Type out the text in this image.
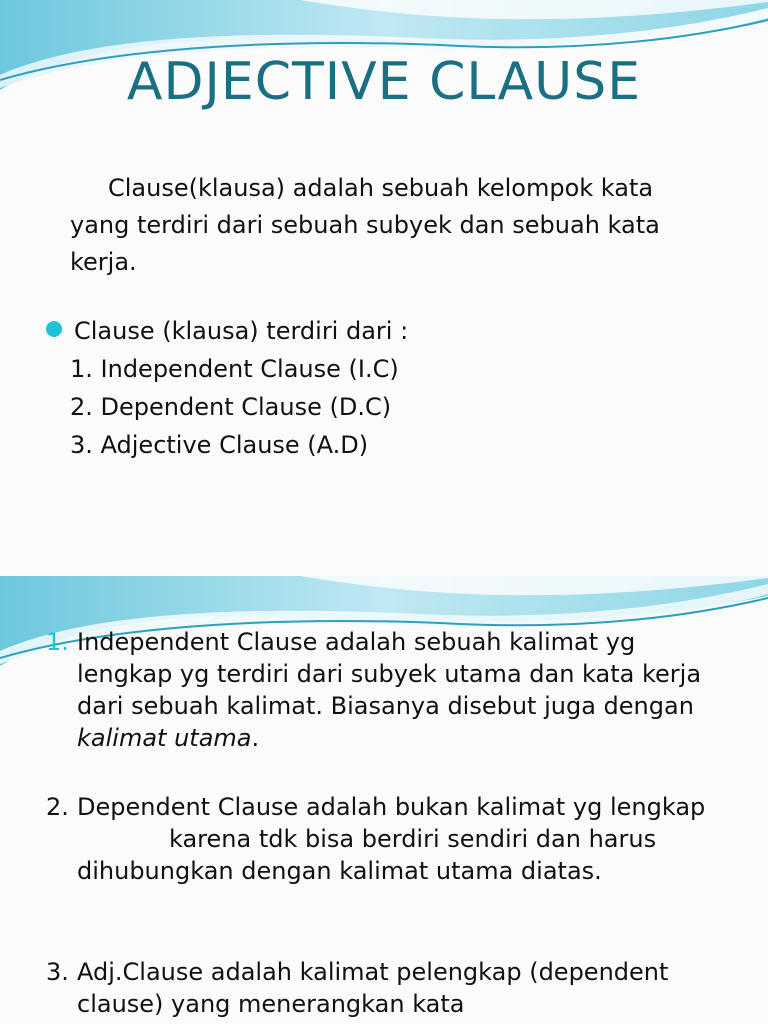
ADJECTIVE CLAUSE

Clause(klausa) adalah sebuah kelompok kata yang terdiri dari sebuah subyek dan sebuah kata kerja.

Clause (klausa) terdiri dari :
1. Independent Clause (I.C)
2. Dependent Clause (D.C)
3. Adjective Clause (A.D)
1. Independent Clause adalah sebuah kalimat yg lengkap yg terdiri dari subyek utama dan kata kerja dari sebuah kalimat. Biasanya disebut juga dengan kalimat utama.
2. Dependent Clause adalah bukan kalimat yg lengkapkarena tdk bisa berdiri sendiri dan harus dihubungkan dengan kalimat utama diatas.
3. Adj.Clause adalah kalimat pelengkap (dependent clause) yang menerangkan kata
